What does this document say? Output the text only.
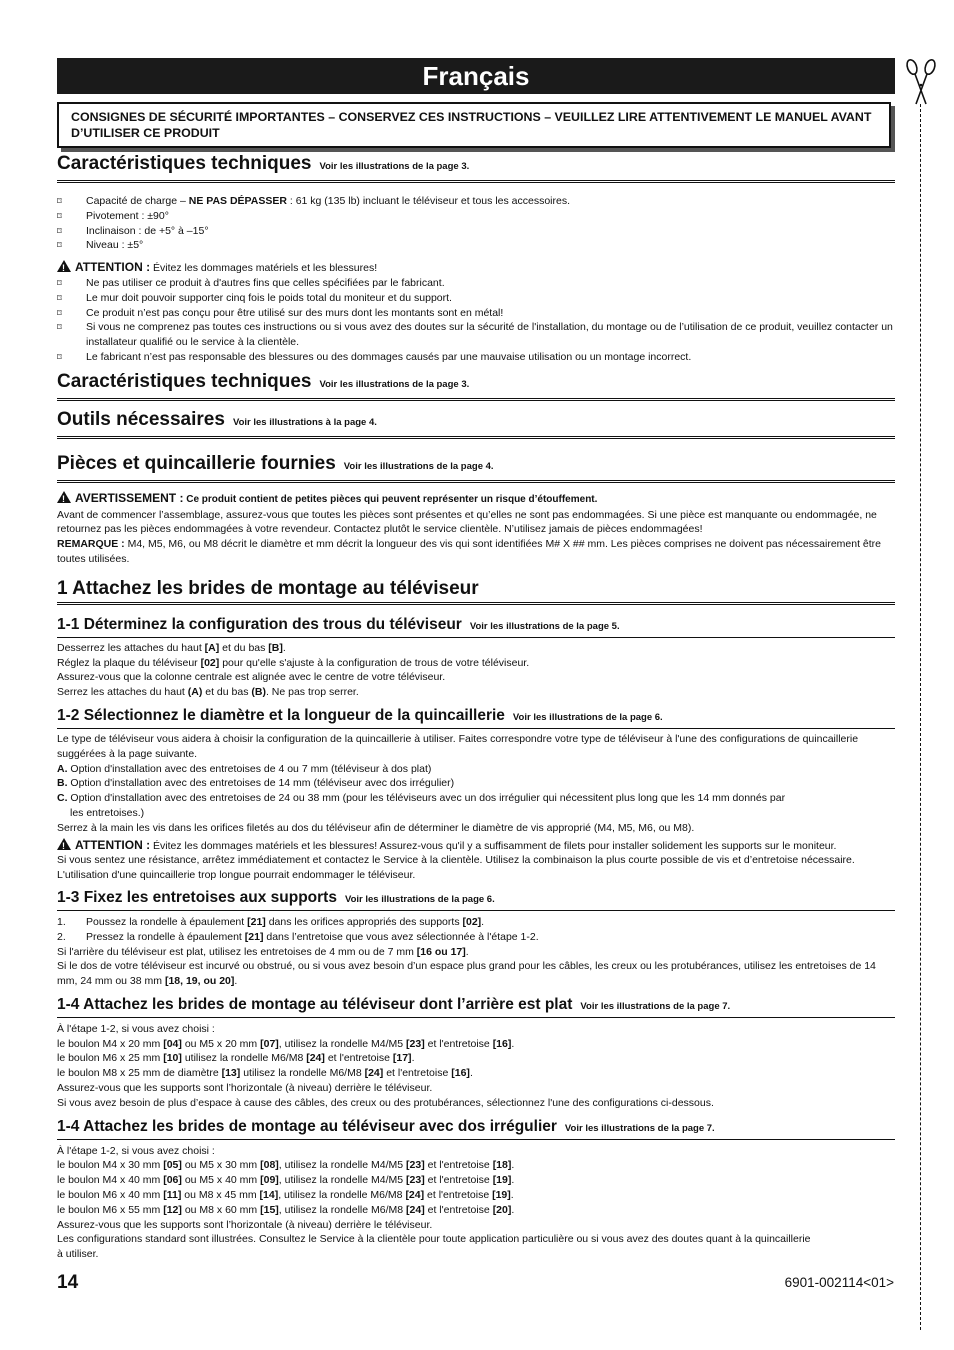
Français
CONSIGNES DE SÉCURITÉ IMPORTANTES – CONSERVEZ CES INSTRUCTIONS – VEUILLEZ LIRE ATTENTIVEMENT LE MANUEL AVANT D’UTILISER CE PRODUIT
Caractéristiques techniques Voir les illustrations de la page 3.
⌑ Capacité de charge – NE PAS DÉPASSER : 61 kg (135 lb) incluant le téléviseur et tous les accessoires.
⌑ Pivotement : ±90°
⌑ Inclinaison : de +5° à –15°
⌑ Niveau : ±5°
!ATTENTION : Évitez les dommages matériels et les blessures!
⌑ Ne pas utiliser ce produit à d'autres fins que celles spécifiées par le fabricant.
⌑ Le mur doit pouvoir supporter cinq fois le poids total du moniteur et du support.
⌑ Ce produit n’est pas conçu pour être utilisé sur des murs dont les montants sont en métal!
⌑ Si vous ne comprenez pas toutes ces instructions ou si vous avez des doutes sur la sécurité de l'installation, du montage ou de l’utilisation de ce produit, veuillez contacter un installateur qualifié ou le service à la clientèle.
⌑ Le fabricant n’est pas responsable des blessures ou des dommages causés par une mauvaise utilisation ou un montage incorrect.
Caractéristiques techniques Voir les illustrations de la page 3.
Outils nécessaires Voir les illustrations à la page 4.
Pièces et quincaillerie fournies Voir les illustrations de la page 4.
!AVERTISSEMENT : Ce produit contient de petites pièces qui peuvent représenter un risque d’étouffement.

Avant de commencer l’assemblage, assurez-vous que toutes les pièces sont présentes et qu’elles ne sont pas endommagées. Si une pièce est manquante ou endommagée, ne retournez pas les pièces endommagées à votre revendeur. Contactez plutôt le service clientèle. N’utilisez jamais de pièces endommagées!

REMARQUE : M4, M5, M6, ou M8 décrit le diamètre et mm décrit la longueur des vis qui sont identifiées M# X ## mm. Les pièces comprises ne doivent pas nécessairement être toutes utilisées.

1 Attachez les brides de montage au téléviseur
1-1 Déterminez la configuration des trous du téléviseur Voir les illustrations de la page 5.

Desserrez les attaches du haut [A] et du bas [B].

Réglez la plaque du téléviseur [02] pour qu'elle s'ajuste à la configuration de trous de votre téléviseur.

Assurez-vous que la colonne centrale est alignée avec le centre de votre téléviseur.

Serrez les attaches du haut (A) et du bas (B). Ne pas trop serrer.

1-2 Sélectionnez le diamètre et la longueur de la quincaillerie Voir les illustrations de la page 6.

Le type de téléviseur vous aidera à choisir la configuration de la quincaillerie à utiliser. Faites correspondre votre type de téléviseur à l'une des configurations de quincaillerie suggérées à la page suivante.

A. Option d'installation avec des entretoises de 4 ou 7 mm (téléviseur à dos plat)

B. Option d'installation avec des entretoises de 14 mm (téléviseur avec dos irrégulier)

C. Option d'installation avec des entretoises de 24 ou 38 mm (pour les téléviseurs avec un dos irrégulier qui nécessitent plus long que les 14 mm donnés par

les entretoises.)

Serrez à la main les vis dans les orifices filetés au dos du téléviseur afin de déterminer le diamètre de vis approprié (M4, M5, M6, ou M8).

!ATTENTION : Évitez les dommages matériels et les blessures! Assurez-vous qu'il y a suffisamment de filets pour installer solidement les supports sur le moniteur.

Si vous sentez une résistance, arrêtez immédiatement et contactez le Service à la clientèle. Utilisez la combinaison la plus courte possible de vis et d’entretoise nécessaire.

L'utilisation d'une quincaillerie trop longue pourrait endommager le téléviseur.

1-3 Fixez les entretoises aux supports Voir les illustrations de la page 6.
1. Poussez la rondelle à épaulement [21] dans les orifices appropriés des supports [02].
2. Pressez la rondelle à épaulement [21] dans l’entretoise que vous avez sélectionnée à l'étape 1-2.

Si l'arrière du téléviseur est plat, utilisez les entretoises de 4 mm ou de 7 mm [16 ou 17].

Si le dos de votre téléviseur est incurvé ou obstrué, ou si vous avez besoin d’un espace plus grand pour les câbles, les creux ou les protubérances, utilisez les entretoises de 14 mm, 24 mm ou 38 mm [18, 19, ou 20].

1-4 Attachez les brides de montage au téléviseur dont l’arrière est plat Voir les illustrations de la page 7.

À l'étape 1-2, si vous avez choisi :

le boulon M4 x 20 mm [04] ou M5 x 20 mm [07], utilisez la rondelle M4/M5 [23] et l'entretoise [16].

le boulon M6 x 25 mm [10] utilisez la rondelle M6/M8 [24] et l'entretoise [17].

le boulon M8 x 25 mm de diamètre [13] utilisez la rondelle M6/M8 [24] et l'entretoise [16].

Assurez-vous que les supports sont l’horizontale (à niveau) derrière le téléviseur.

Si vous avez besoin de plus d’espace à cause des câbles, des creux ou des protubérances, sélectionnez l'une des configurations ci-dessous.

1-4 Attachez les brides de montage au téléviseur avec dos irrégulier Voir les illustrations de la page 7.

À l'étape 1-2, si vous avez choisi :

le boulon M4 x 30 mm [05] ou M5 x 30 mm [08], utilisez la rondelle M4/M5 [23] et l'entretoise [18].

le boulon M4 x 40 mm [06] ou M5 x 40 mm [09], utilisez la rondelle M4/M5 [23] et l'entretoise [19].

le boulon M6 x 40 mm [11] ou M8 x 45 mm [14], utilisez la rondelle M6/M8 [24] et l'entretoise [19].

le boulon M6 x 55 mm [12] ou M8 x 60 mm [15], utilisez la rondelle M6/M8 [24] et l'entretoise [20].

Assurez-vous que les supports sont l’horizontale (à niveau) derrière le téléviseur.

Les configurations standard sont illustrées. Consultez le Service à la clientèle pour toute application particulière ou si vous avez des doutes quant à la quincaillerie

à utiliser.

14	6901-002114<01>
